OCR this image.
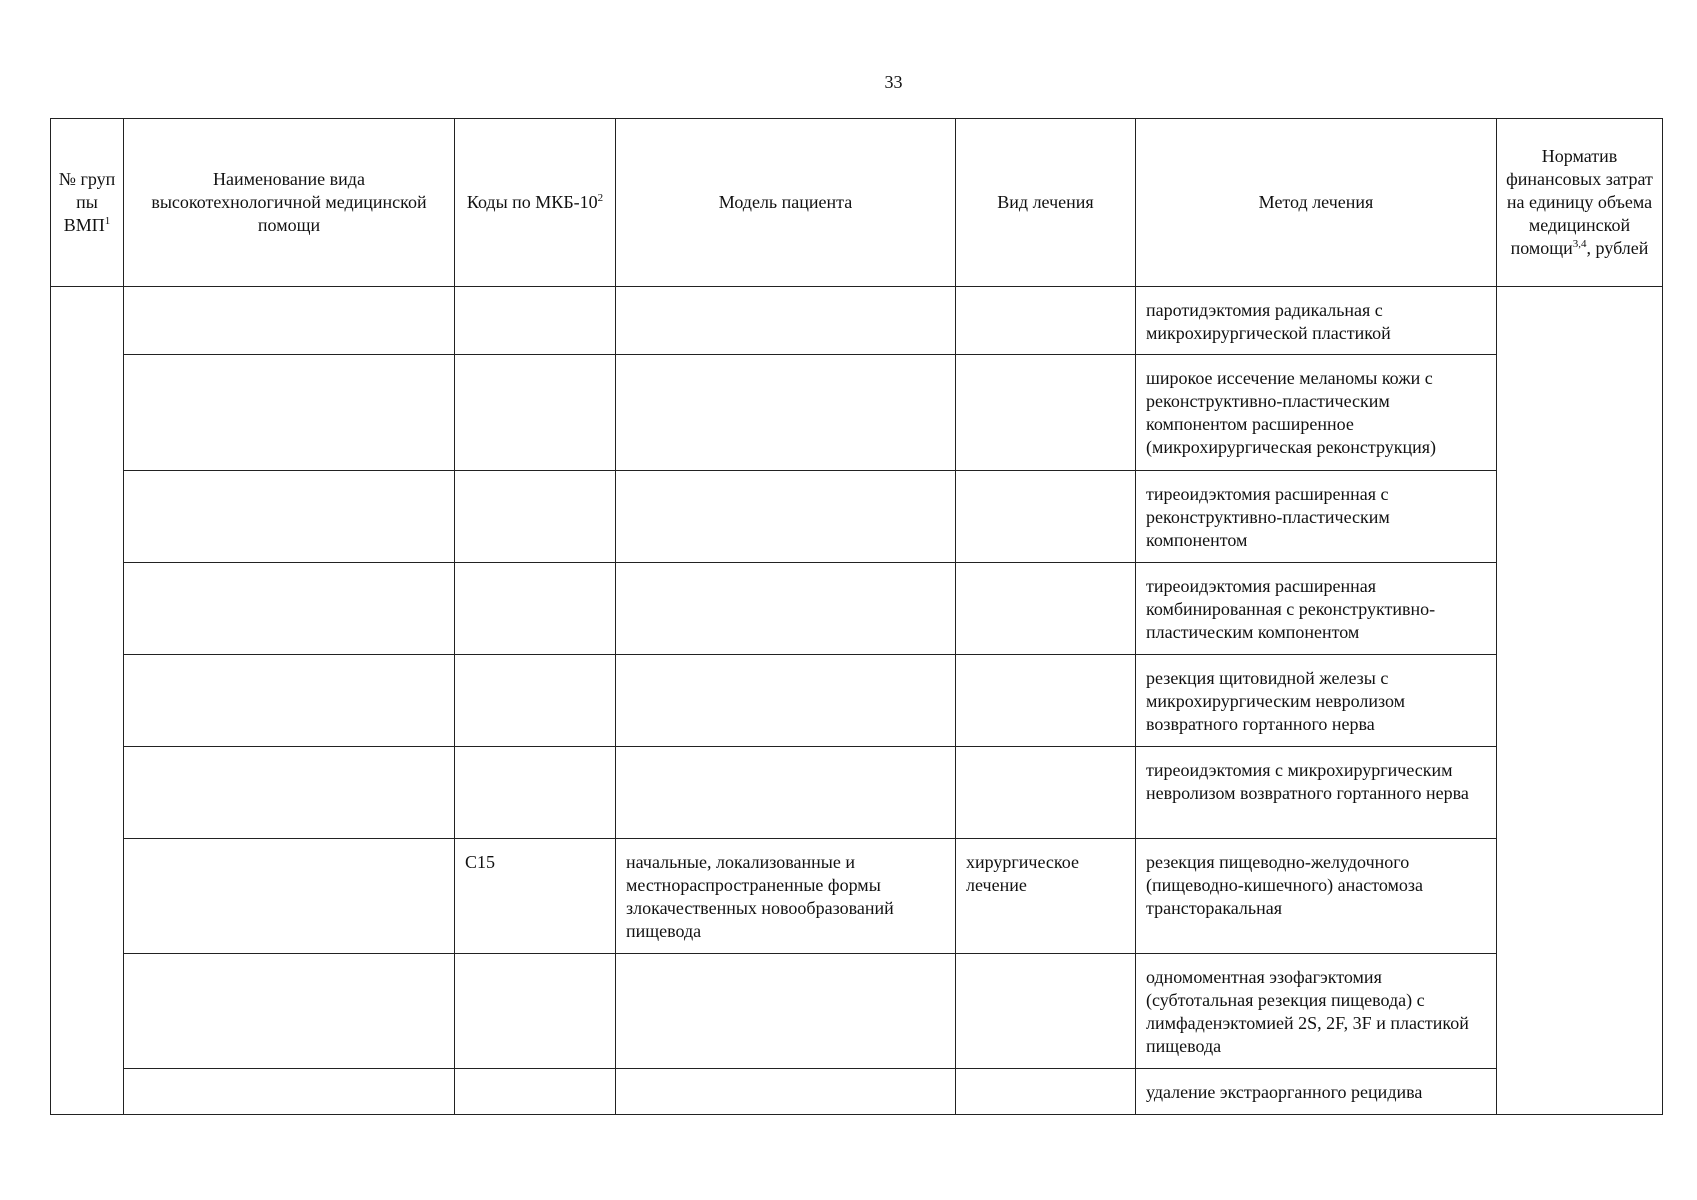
33
№ груп пы ВМП$^1$	Наименование вида высокотехнологичной медицинской помощи	Коды по МКБ-$10^2$	Модель пациента	Вид лечения	Метод лечения	Норматив финансовых затрат на единицу объема медицинской помощи$^{3,4}$, рублей
					паротидэктомия радикальная с микрохирургической пластикой	
					широкое иссечение меланомы кожи с реконструктивно-пластическим компонентом расширенное (микрохирургическая реконструкция)	
					тиреоидэктомия расширенная с реконструктивно-пластическим компонентом	
					тиреоидэктомия расширенная комбинированная с реконструктивно-пластическим компонентом	
					резекция щитовидной железы с микрохирургическим невролизом возвратного гортанного нерва	
					тиреоидэктомия с микрохирургическим невролизом возвратного гортанного нерва	
		C15	начальные, локализованные и местнораспространенные формы злокачественных новообразований пищевода	хирургическое лечение	резекция пищеводно-желудочного (пищеводно-кишечного) анастомоза трансторакальная	
					одномоментная эзофагэктомия (субтотальная резекция пищевода) с лимфаденэктомией 2S, 2F, 3F и пластикой пищевода	
					удаление экстраорганного рецидива	
